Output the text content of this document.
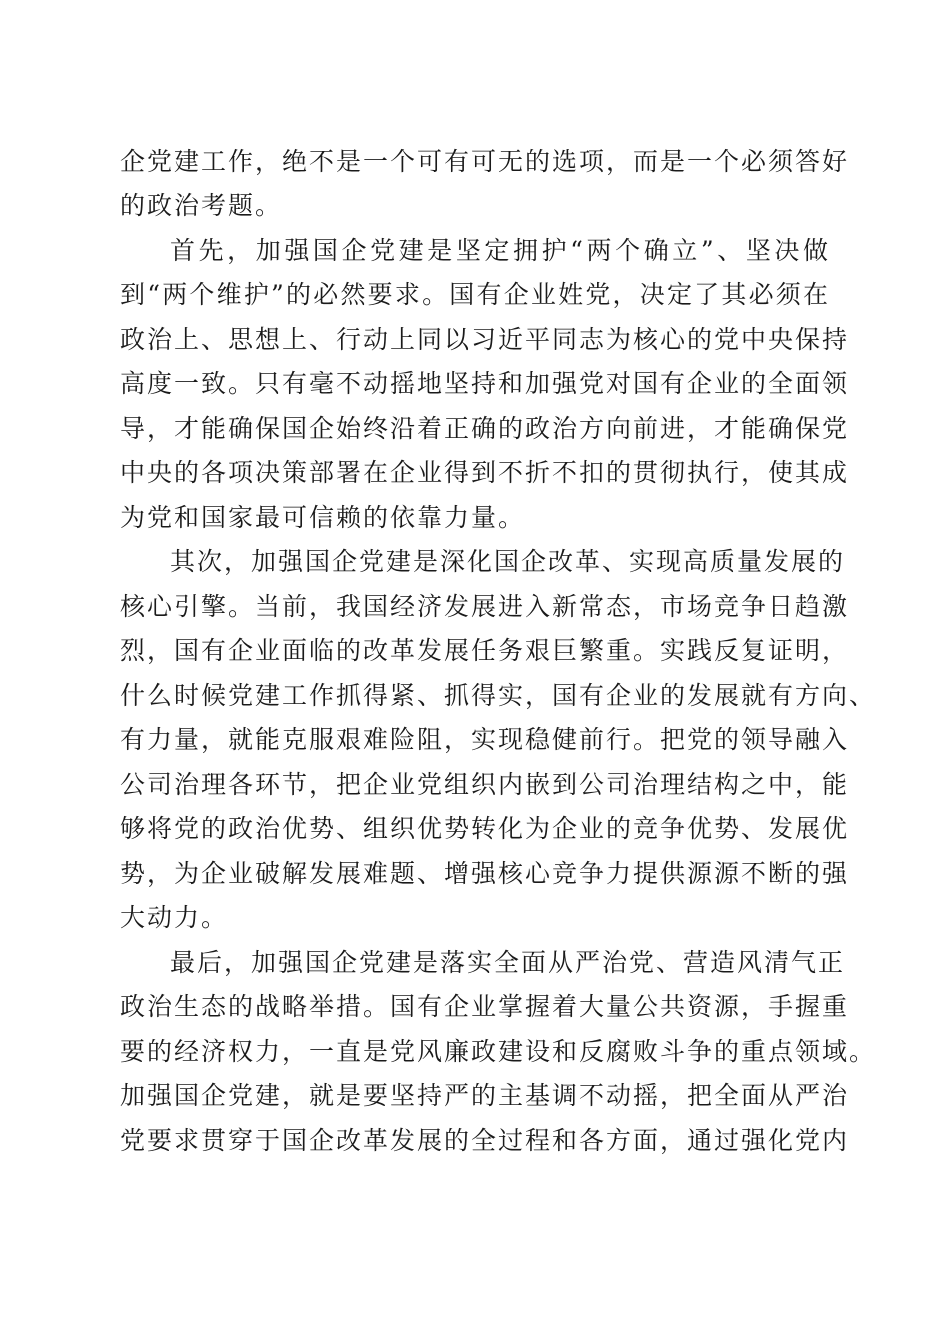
企党建工作，绝不是一个可有可无的选项，而是一个必须答好
的政治考题。
首先，加强国企党建是坚定拥护“两个确立”、坚决做
到“两个维护”的必然要求。国有企业姓党，决定了其必须在
政治上、思想上、行动上同以习近平同志为核心的党中央保持
高度一致。只有毫不动摇地坚持和加强党对国有企业的全面领
导，才能确保国企始终沿着正确的政治方向前进，才能确保党
中央的各项决策部署在企业得到不折不扣的贯彻执行，使其成
为党和国家最可信赖的依靠力量。
其次，加强国企党建是深化国企改革、实现高质量发展的
核心引擎。当前，我国经济发展进入新常态，市场竞争日趋激
烈，国有企业面临的改革发展任务艰巨繁重。实践反复证明，
什么时候党建工作抓得紧、抓得实，国有企业的发展就有方向、
有力量，就能克服艰难险阻，实现稳健前行。把党的领导融入
公司治理各环节，把企业党组织内嵌到公司治理结构之中，能
够将党的政治优势、组织优势转化为企业的竞争优势、发展优
势，为企业破解发展难题、增强核心竞争力提供源源不断的强
大动力。
最后，加强国企党建是落实全面从严治党、营造风清气正
政治生态的战略举措。国有企业掌握着大量公共资源，手握重
要的经济权力，一直是党风廉政建设和反腐败斗争的重点领域。
加强国企党建，就是要坚持严的主基调不动摇，把全面从严治
党要求贯穿于国企改革发展的全过程和各方面，通过强化党内
